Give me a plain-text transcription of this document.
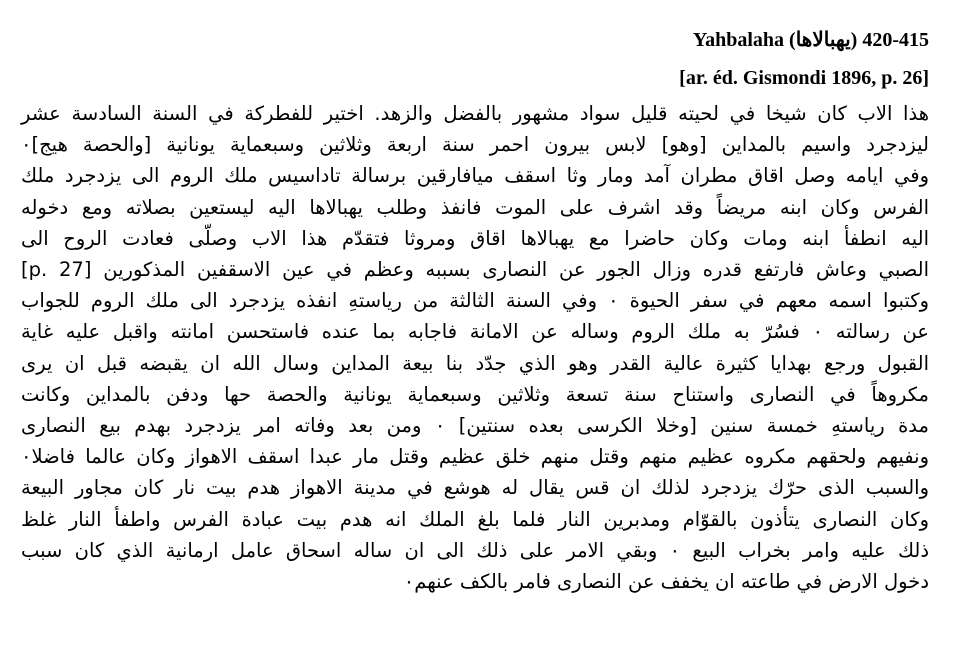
Yahbalaha (يهبالاها) 415-420
[ar. éd. Gismondi 1896, p. 26]
هذا الاب كان شيخا في لحيته قليل سواد مشهور بالفضل والزهد. اختير للفطركة في السنة السادسة عشر
ليزدجرد واسيم بالمداين [وهو] لابس بيرون احمر سنة اربعة وثلاثين وسبعماية يونانية [والحصة هيج]٠
وفي ايامه وصل اقاق مطران آمد ومار وثا اسقف ميافارقين برسالة تاداسيس ملك الروم الى يزدجرد ملك
الفرس وكان ابنه مريضاً وقد اشرف على الموت فانفذ وطلب يهبالاها اليه ليستعين بصلاته ومع دخوله
اليه انطفأ ابنه ومات وكان حاضرا مع يهبالاها اقاق ومروثا فتقدّم هذا الاب وصلّى فعادت الروح الى
الصبي وعاش فارتفع قدره وزال الجور عن النصارى بسببه وعظم في عين الاسقفين المذكورين [p. 27]
وكتبوا اسمه معهم في سفر الحيوة ٠ وفي السنة الثالثة من رياستهِ انفذه يزدجرد الى ملك الروم للجواب
عن رسالته ٠ فسُرّ به ملك الروم وساله عن الامانة فاجابه بما عنده فاستحسن امانته واقبل عليه غاية
القبول ورجع بهدايا كثيرة عالية القدر وهو الذي جدّد بنا بيعة المداين وسال الله ان يقبضه قبل ان يرى
مكروهاً في النصارى واستناح سنة تسعة وثلاثين وسبعماية يونانية والحصة حها ودفن بالمداين وكانت
مدة رياستهِ خمسة سنين [وخلا الكرسى بعده سنتين] ٠ ومن بعد وفاته امر يزدجرد بهدم بيع النصارى
ونفيهم ولحقهم مكروه عظيم منهم وقتل منهم خلق عظيم وقتل مار عبدا اسقف الاهواز وكان عالما فاضلا٠
والسبب الذى حرّك يزدجرد لذلك ان قس يقال له هوشع في مدينة الاهواز هدم بيت نار كان مجاور البيعة
وكان النصارى يتأذون بالقوّام ومدبرين النار فلما بلغ الملك انه هدم بيت عبادة الفرس واطفأ النار غلظ
ذلك عليه وامر بخراب البيع ٠ وبقي الامر على ذلك الى ان ساله اسحاق عامل ارمانية الذي كان سبب
دخول الارض في طاعته ان يخفف عن النصارى فامر بالكف عنهم٠
